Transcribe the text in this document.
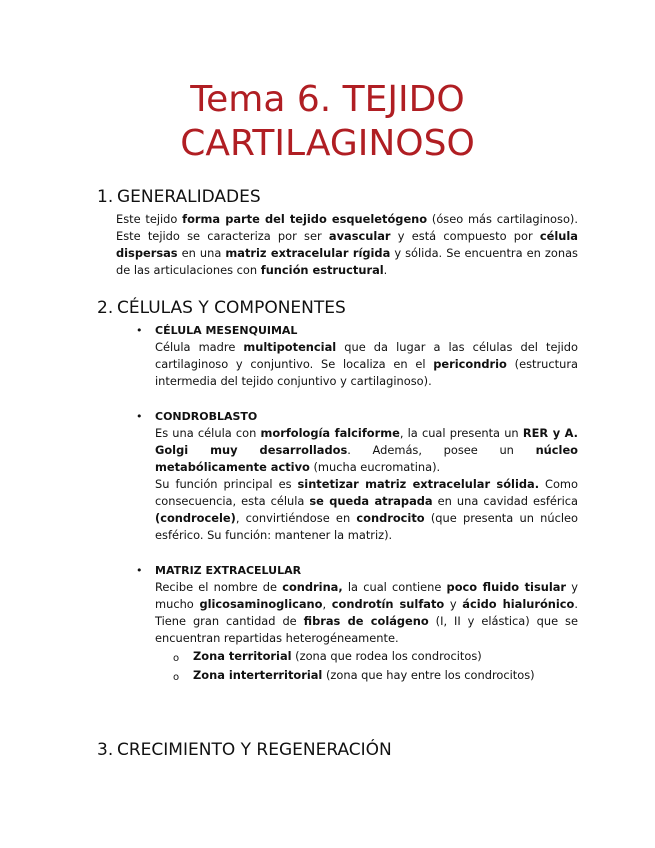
Tema 6. TEJIDO
CARTILAGINOSO
1. GENERALIDADES
Este tejido forma parte del tejido esqueletógeno (óseo más cartilaginoso). Este tejido se caracteriza por ser avascular y está compuesto por célula dispersas en una matriz extracelular rígida y sólida. Se encuentra en zonas de las articulaciones con función estructural.
2. CÉLULAS Y COMPONENTES
• CÉLULA MESENQUIMAL
Célula madre multipotencial que da lugar a las células del tejido cartilaginoso y conjuntivo. Se localiza en el pericondrio (estructura intermedia del tejido conjuntivo y cartilaginoso).
• CONDROBLASTO
Es una célula con morfología falciforme, la cual presenta un RER y A. Golgi muy desarrollados. Además, posee un núcleo metabólicamente activo (mucha eucromatina).
Su función principal es sintetizar matriz extracelular sólida. Como consecuencia, esta célula se queda atrapada en una cavidad esférica (condrocele), convirtiéndose en condrocito (que presenta un núcleo esférico. Su función: mantener la matriz).
• MATRIZ EXTRACELULAR
Recibe el nombre de condrina, la cual contiene poco fluido tisular y mucho glicosaminoglicano, condrotín sulfato y ácido hialurónico. Tiene gran cantidad de fibras de colágeno (I, II y elástica) que se encuentran repartidas heterogéneamente.
o Zona territorial (zona que rodea los condrocitos)
o Zona interterritorial (zona que hay entre los condrocitos)
3. CRECIMIENTO Y REGENERACIÓN
